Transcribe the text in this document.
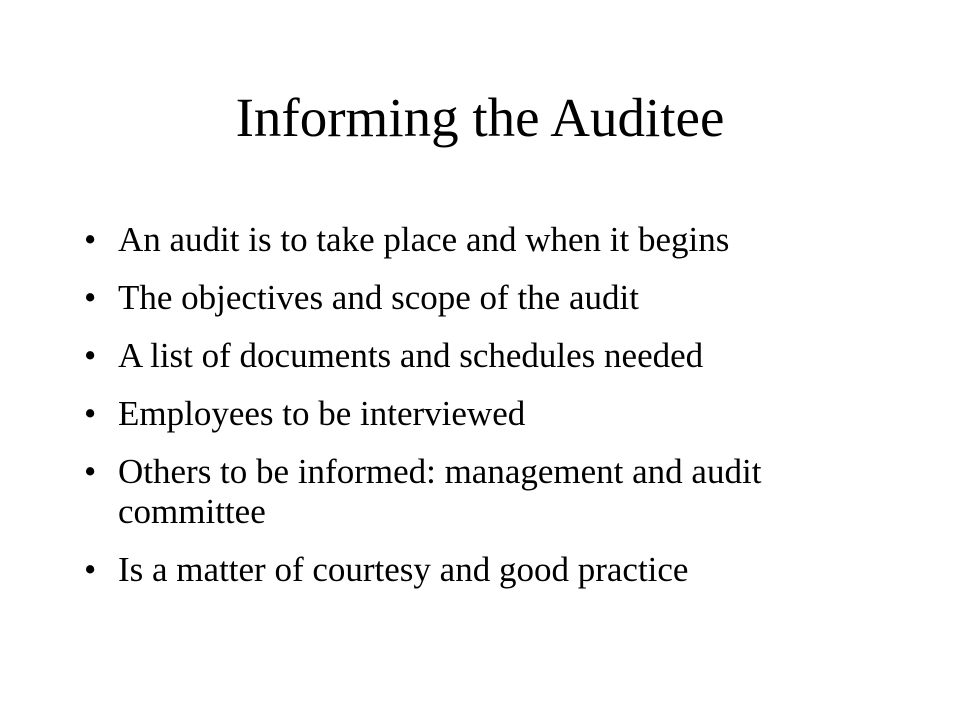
Informing the Auditee
• An audit is to take place and when it begins
• The objectives and scope of the audit
• A list of documents and schedules needed
• Employees to be interviewed
• Others to be informed: management and audit committee
• Is a matter of courtesy and good practice
